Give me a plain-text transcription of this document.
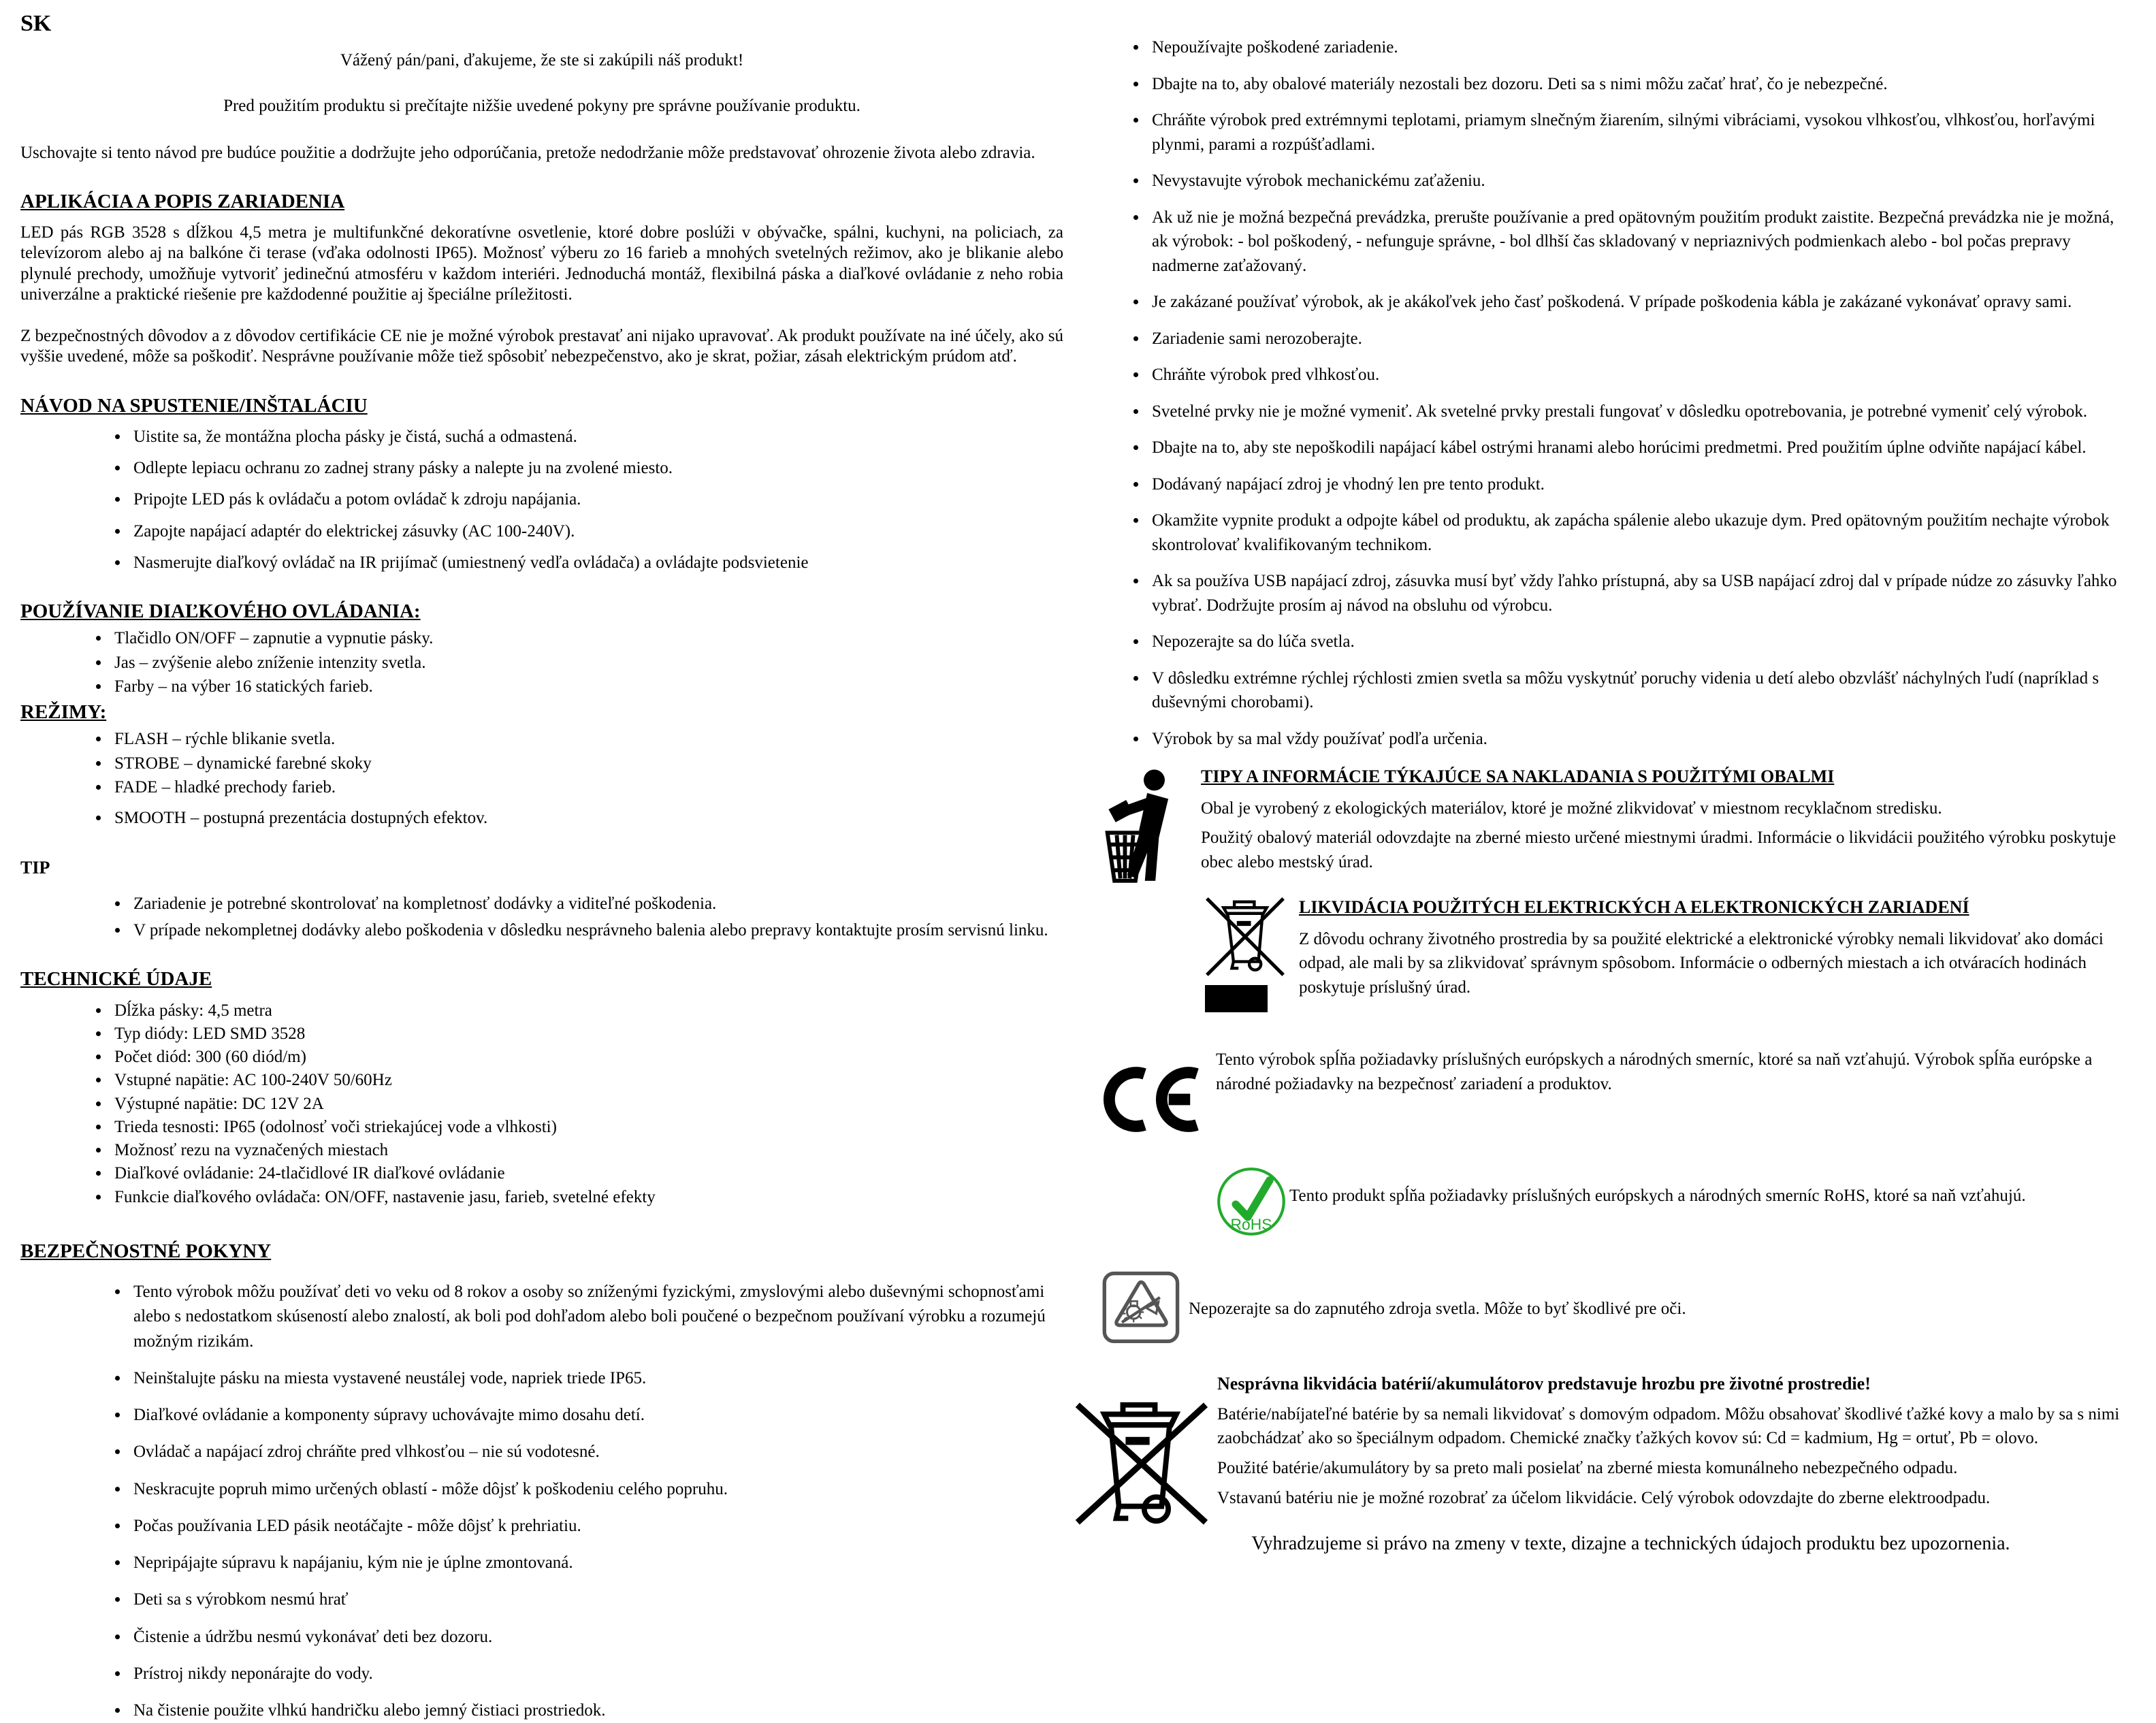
SK

Vážený pán/pani, ďakujeme, že ste si zakúpili náš produkt!

Pred použitím produktu si prečítajte nižšie uvedené pokyny pre správne používanie produktu.

Uschovajte si tento návod pre budúce použitie a dodržujte jeho odporúčania, pretože nedodržanie môže predstavovať ohrozenie života alebo zdravia.

APLIKÁCIA A POPIS ZARIADENIA

LED pás RGB 3528 s dĺžkou 4,5 metra je multifunkčné dekoratívne osvetlenie, ktoré dobre poslúži v obývačke, spálni, kuchyni, na policiach, za televízorom alebo aj na balkóne či terase (vďaka odolnosti IP65). Možnosť výberu zo 16 farieb a mnohých svetelných režimov, ako je blikanie alebo plynulé prechody, umožňuje vytvoriť jedinečnú atmosféru v každom interiéri. Jednoduchá montáž, flexibilná páska a diaľkové ovládanie z neho robia univerzálne a praktické riešenie pre každodenné použitie aj špeciálne príležitosti.

Z bezpečnostných dôvodov a z dôvodov certifikácie CE nie je možné výrobok prestavať ani nijako upravovať. Ak produkt používate na iné účely, ako sú vyššie uvedené, môže sa poškodiť. Nesprávne používanie môže tiež spôsobiť nebezpečenstvo, ako je skrat, požiar, zásah elektrickým prúdom atď.

NÁVOD NA SPUSTENIE/INŠTALÁCIU
• Uistite sa, že montážna plocha pásky je čistá, suchá a odmastená.
• Odlepte lepiacu ochranu zo zadnej strany pásky a nalepte ju na zvolené miesto.
• Pripojte LED pás k ovládaču a potom ovládač k zdroju napájania.
• Zapojte napájací adaptér do elektrickej zásuvky (AC 100-240V).
• Nasmerujte diaľkový ovládač na IR prijímač (umiestnený vedľa ovládača) a ovládajte podsvietenie
POUŽÍVANIE DIAĽKOVÉHO OVLÁDANIA:
• Tlačidlo ON/OFF – zapnutie a vypnutie pásky.
• Jas – zvýšenie alebo zníženie intenzity svetla.
• Farby – na výber 16 statických farieb.
REŽIMY:
• FLASH – rýchle blikanie svetla.
• STROBE – dynamické farebné skoky
• FADE – hladké prechody farieb.
• SMOOTH – postupná prezentácia dostupných efektov.

TIP

• Zariadenie je potrebné skontrolovať na kompletnosť dodávky a viditeľné poškodenia.
• V prípade nekompletnej dodávky alebo poškodenia v dôsledku nesprávneho balenia alebo prepravy kontaktujte prosím servisnú linku.
TECHNICKÉ ÚDAJE
• Dĺžka pásky: 4,5 metra
• Typ diódy: LED SMD 3528
• Počet diód: 300 (60 diód/m)
• Vstupné napätie: AC 100-240V 50/60Hz
• Výstupné napätie: DC 12V 2A
• Trieda tesnosti: IP65 (odolnosť voči striekajúcej vode a vlhkosti)
• Možnosť rezu na vyznačených miestach
• Diaľkové ovládanie: 24-tlačidlové IR diaľkové ovládanie
• Funkcie diaľkového ovládača: ON/OFF, nastavenie jasu, farieb, svetelné efekty
BEZPEČNOSTNÉ POKYNY
• Tento výrobok môžu používať deti vo veku od 8 rokov a osoby so zníženými fyzickými, zmyslovými alebo duševnými schopnosťami alebo s nedostatkom skúseností alebo znalostí, ak boli pod dohľadom alebo boli poučené o bezpečnom používaní výrobku a rozumejú možným rizikám.
• Neinštalujte pásku na miesta vystavené neustálej vode, napriek triede IP65.
• Diaľkové ovládanie a komponenty súpravy uchovávajte mimo dosahu detí.
• Ovládač a napájací zdroj chráňte pred vlhkosťou – nie sú vodotesné.
• Neskracujte popruh mimo určených oblastí - môže dôjsť k poškodeniu celého popruhu.
• Počas používania LED pásik neotáčajte - môže dôjsť k prehriatiu.
• Nepripájajte súpravu k napájaniu, kým nie je úplne zmontovaná.
• Deti sa s výrobkom nesmú hrať
• Čistenie a údržbu nesmú vykonávať deti bez dozoru.
• Prístroj nikdy neponárajte do vody.
• Na čistenie použite vlhkú handričku alebo jemný čistiaci prostriedok.
• Nepoužívajte poškodené zariadenie.
• Dbajte na to, aby obalové materiály nezostali bez dozoru. Deti sa s nimi môžu začať hrať, čo je nebezpečné.
• Chráňte výrobok pred extrémnymi teplotami, priamym slnečným žiarením, silnými vibráciami, vysokou vlhkosťou, vlhkosťou, horľavými plynmi, parami a rozpúšťadlami.
• Nevystavujte výrobok mechanickému zaťaženiu.
• Ak už nie je možná bezpečná prevádzka, prerušte používanie a pred opätovným použitím produkt zaistite. Bezpečná prevádzka nie je možná, ak výrobok: - bol poškodený, - nefunguje správne, - bol dlhší čas skladovaný v nepriaznivých podmienkach alebo - bol počas prepravy nadmerne zaťažovaný.
• Je zakázané používať výrobok, ak je akákoľvek jeho časť poškodená. V prípade poškodenia kábla je zakázané vykonávať opravy sami.
• Zariadenie sami nerozoberajte.
• Chráňte výrobok pred vlhkosťou.
• Svetelné prvky nie je možné vymeniť. Ak svetelné prvky prestali fungovať v dôsledku opotrebovania, je potrebné vymeniť celý výrobok.
• Dbajte na to, aby ste nepoškodili napájací kábel ostrými hranami alebo horúcimi predmetmi. Pred použitím úplne odviňte napájací kábel.
• Dodávaný napájací zdroj je vhodný len pre tento produkt.
• Okamžite vypnite produkt a odpojte kábel od produktu, ak zapácha spálenie alebo ukazuje dym. Pred opätovným použitím nechajte výrobok skontrolovať kvalifikovaným technikom.
• Ak sa používa USB napájací zdroj, zásuvka musí byť vždy ľahko prístupná, aby sa USB napájací zdroj dal v prípade núdze zo zásuvky ľahko vybrať. Dodržujte prosím aj návod na obsluhu od výrobcu.
• Nepozerajte sa do lúča svetla.
• V dôsledku extrémne rýchlej rýchlosti zmien svetla sa môžu vyskytnúť poruchy videnia u detí alebo obzvlášť náchylných ľudí (napríklad s duševnými chorobami).
• Výrobok by sa mal vždy používať podľa určenia.
TIPY A INFORMÁCIE TÝKAJÚCE SA NAKLADANIA S POUŽITÝMI OBALMI

Obal je vyrobený z ekologických materiálov, ktoré je možné zlikvidovať v miestnom recyklačnom stredisku.

Použitý obalový materiál odovzdajte na zberné miesto určené miestnymi úradmi. Informácie o likvidácii použitého výrobku poskytuje obec alebo mestský úrad.

LIKVIDÁCIA POUŽITÝCH ELEKTRICKÝCH A ELEKTRONICKÝCH ZARIADENÍ

Z dôvodu ochrany životného prostredia by sa použité elektrické a elektronické výrobky nemali likvidovať ako domáci odpad, ale mali by sa zlikvidovať správnym spôsobom. Informácie o odberných miestach a ich otváracích hodinách poskytuje príslušný úrad.

Tento výrobok spĺňa požiadavky príslušných európskych a národných smerníc, ktoré sa naň vzťahujú. Výrobok spĺňa európske a národné požiadavky na bezpečnosť zariadení a produktov.

RoHS

Tento produkt spĺňa požiadavky príslušných európskych a národných smerníc RoHS, ktoré sa naň vzťahujú.

Nepozerajte sa do zapnutého zdroja svetla. Môže to byť škodlivé pre oči.

Nesprávna likvidácia batérií/akumulátorov predstavuje hrozbu pre životné prostredie!

Batérie/nabíjateľné batérie by sa nemali likvidovať s domovým odpadom. Môžu obsahovať škodlivé ťažké kovy a malo by sa s nimi zaobchádzať ako so špeciálnym odpadom. Chemické značky ťažkých kovov sú: Cd = kadmium, Hg = ortuť, Pb = olovo.
Použité batérie/akumulátory by sa preto mali posielať na zberné miesta komunálneho nebezpečného odpadu.
Vstavanú batériu nie je možné rozobrať za účelom likvidácie. Celý výrobok odovzdajte do zberne elektroodpadu.

Vyhradzujeme si právo na zmeny v texte, dizajne a technických údajoch produktu bez upozornenia.
